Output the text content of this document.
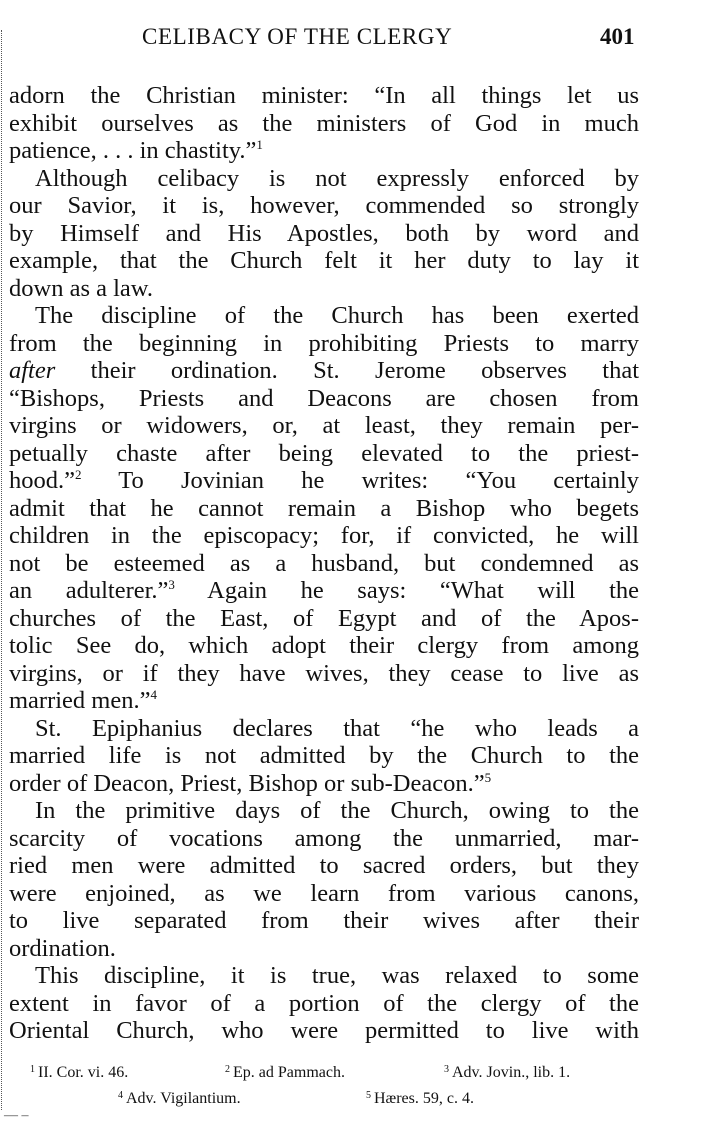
CELIBACY OF THE CLERGY	401
adorn the Christian minister: “In all things let us
exhibit ourselves as the ministers of God in much
patience, . . . in chastity.”$^1$
Although celibacy is not expressly enforced by
our Savior, it is, however, commended so strongly
by Himself and His Apostles, both by word and
example, that the Church felt it her duty to lay it
down as a law.
The discipline of the Church has been exerted
from the beginning in prohibiting Priests to marry
after their ordination. St. Jerome observes that
“Bishops, Priests and Deacons are chosen from
virgins or widowers, or, at least, they remain per-
petually chaste after being elevated to the priest-
hood.”$^2$ To Jovinian he writes: “You certainly
admit that he cannot remain a Bishop who begets
children in the episcopacy; for, if convicted, he will
not be esteemed as a husband, but condemned as
an adulterer.”$^3$ Again he says: “What will the
churches of the East, of Egypt and of the Apos-
tolic See do, which adopt their clergy from among
virgins, or if they have wives, they cease to live as
married men.”$^4$
St. Epiphanius declares that “he who leads a
married life is not admitted by the Church to the
order of Deacon, Priest, Bishop or sub-Deacon.”$^5$
In the primitive days of the Church, owing to the
scarcity of vocations among the unmarried, mar-
ried men were admitted to sacred orders, but they
were enjoined, as we learn from various canons,
to live separated from their wives after their
ordination.
This discipline, it is true, was relaxed to some
extent in favor of a portion of the clergy of the
Oriental Church, who were permitted to live with
$^1$ II. Cor. vi. 46.	$^2$ Ep. ad Pammach.	$^3$ Adv. Jovin., lib. 1.
$^4$ Adv. Vigilantium.	$^5$ Hæres. 59, c. 4.
— –
